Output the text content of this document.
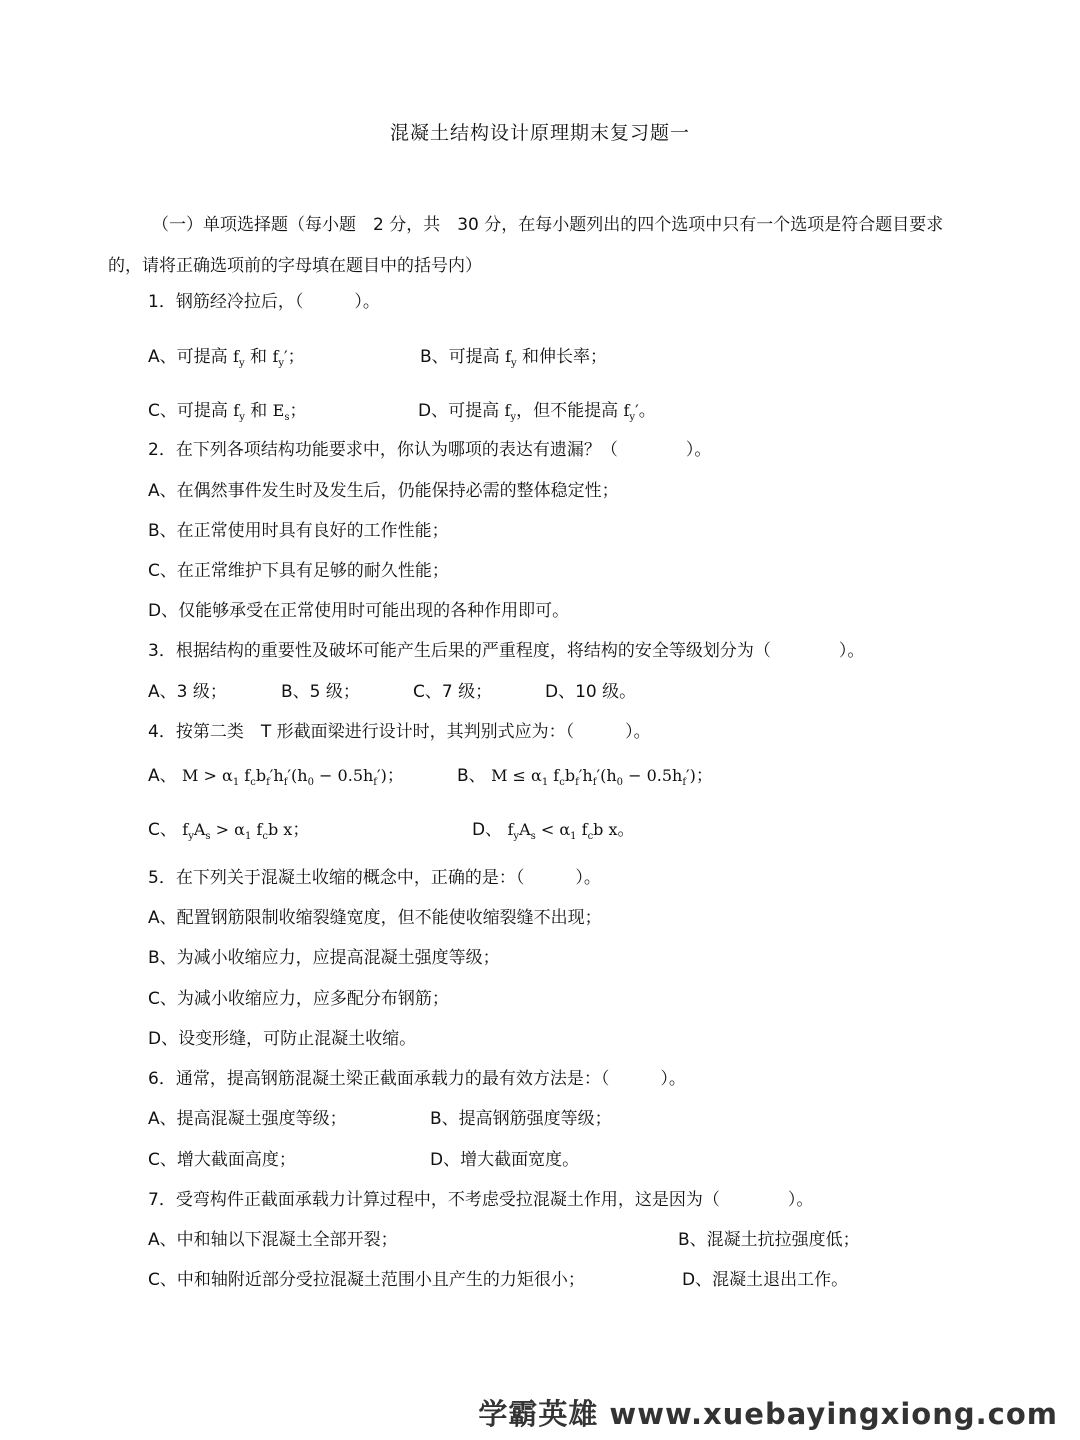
混凝土结构设计原理期末复习题一
（一）单项选择题（每小题　2 分，共　30 分，在每小题列出的四个选项中只有一个选项是符合题目要求的，请将正确选项前的字母填在题目中的括号内）
1．钢筋经冷拉后，（　　　）。
A、可提高 $f_y$ 和 $f_y'$；	B、可提高 $f_y$ 和伸长率；
C、可提高 $f_y$ 和 $E_s$；	D、可提高 $f_y$，但不能提高 $f_y'$。
2．在下列各项结构功能要求中，你认为哪项的表达有遗漏？（　　　　）。
A、在偶然事件发生时及发生后，仍能保持必需的整体稳定性；
B、在正常使用时具有良好的工作性能；
C、在正常维护下具有足够的耐久性能；
D、仅能够承受在正常使用时可能出现的各种作用即可。
3．根据结构的重要性及破坏可能产生后果的严重程度，将结构的安全等级划分为（　　　　）。
A、3 级；	B、5 级；	C、7 级；	D、10 级。
4．按第二类　T 形截面梁进行设计时，其判别式应为：（　　　）。
A、 $M > \alpha_1$ $f_cb_f'h_f'(h_0 - 0.5h_f')$；	B、 $M \le \alpha_1$ $f_cb_f'h_f'(h_0 - 0.5h_f')$；
C、 $f_yA_s > \alpha_1$ $f_cb$ x；	D、 $f_yA_s < \alpha_1$ $f_cb$ x。
5．在下列关于混凝土收缩的概念中，正确的是：（　　　）。
A、配置钢筋限制收缩裂缝宽度，但不能使收缩裂缝不出现；
B、为减小收缩应力，应提高混凝土强度等级；
C、为减小收缩应力，应多配分布钢筋；
D、设变形缝，可防止混凝土收缩。
6．通常，提高钢筋混凝土梁正截面承载力的最有效方法是：（　　　）。
A、提高混凝土强度等级；	B、提高钢筋强度等级；
C、增大截面高度；	D、增大截面宽度。
7．受弯构件正截面承载力计算过程中，不考虑受拉混凝土作用，这是因为（　　　　）。
A、中和轴以下混凝土全部开裂；	B、混凝土抗拉强度低；
C、中和轴附近部分受拉混凝土范围小且产生的力矩很小；	D、混凝土退出工作。
学霸英雄 www.xuebayingxiong.com
